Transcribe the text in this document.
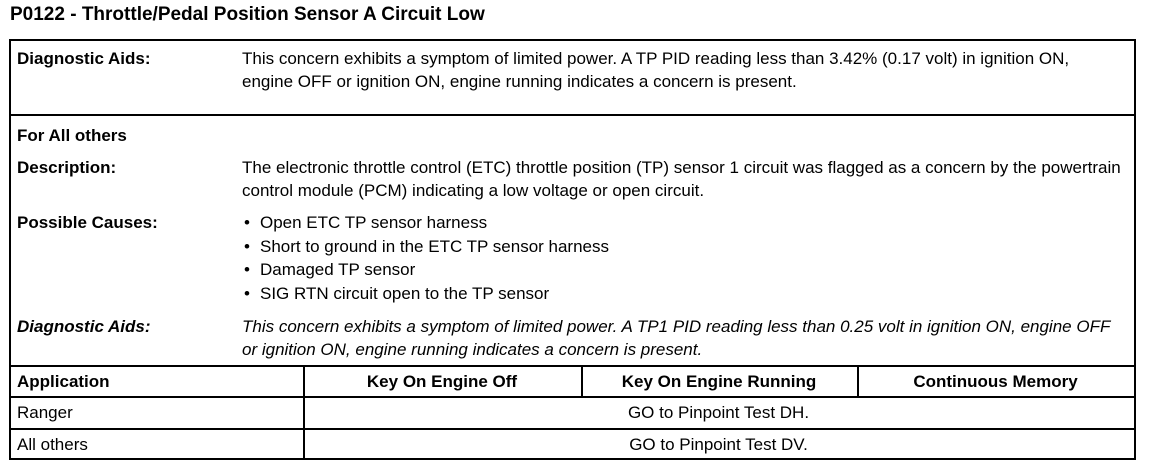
P0122 - Throttle/Pedal Position Sensor A Circuit Low
Diagnostic Aids:	This concern exhibits a symptom of limited power. A TP PID reading less than 3.42% (0.17 volt) in ignition ON, engine OFF or ignition ON, engine running indicates a concern is present.
For All others
Description:	The electronic throttle control (ETC) throttle position (TP) sensor 1 circuit was flagged as a concern by the powertrain control module (PCM) indicating a low voltage or open circuit.
Possible Causes:
•	Open ETC TP sensor harness
• Short to ground in the ETC TP sensor harness
• Damaged TP sensor
• SIG RTN circuit open to the TP sensor
Diagnostic Aids:	This concern exhibits a symptom of limited power. A TP1 PID reading less than 0.25 volt in ignition ON, engine OFF or ignition ON, engine running indicates a concern is present.
Application	Key On Engine Off	Key On Engine Running	Continuous Memory
Ranger	GO to Pinpoint Test DH.
All others	GO to Pinpoint Test DV.
